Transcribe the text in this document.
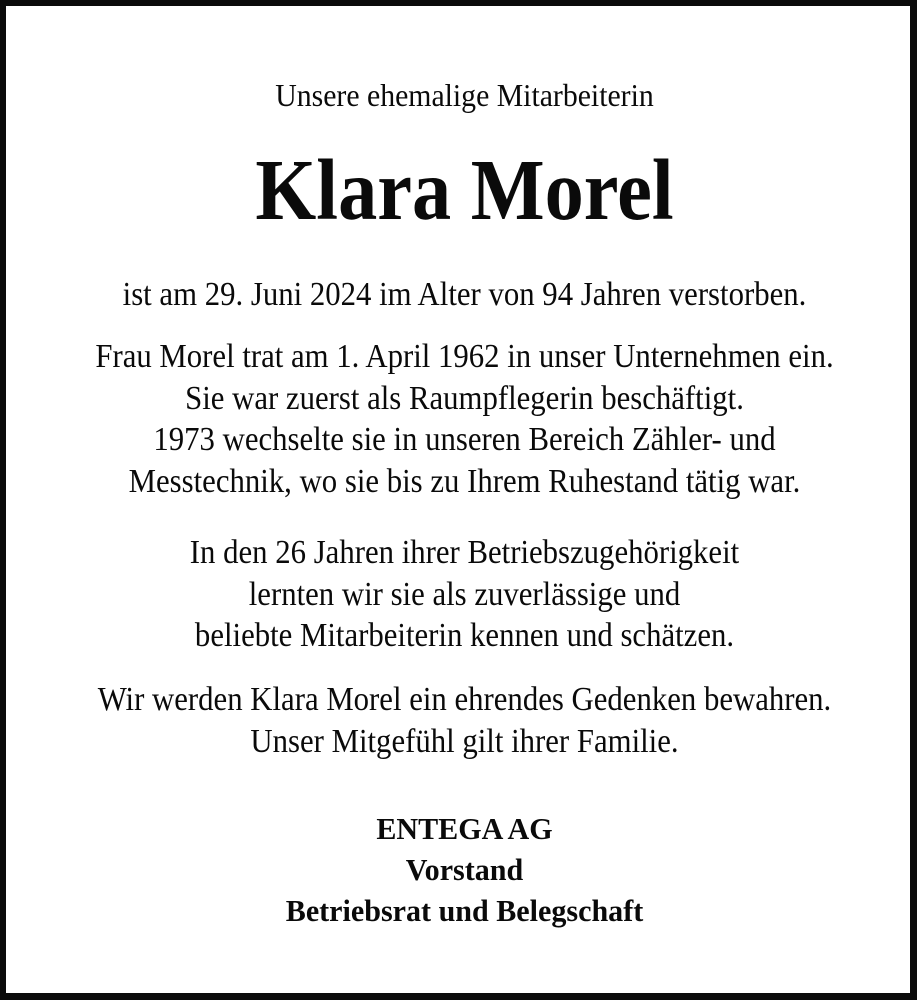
Unsere ehemalige Mitarbeiterin
Klara Morel
ist am 29. Juni 2024 im Alter von 94 Jahren verstorben.
Frau Morel trat am 1. April 1962 in unser Unternehmen ein.
Sie war zuerst als Raumpflegerin beschäftigt.
1973 wechselte sie in unseren Bereich Zähler- und
Messtechnik, wo sie bis zu Ihrem Ruhestand tätig war.
In den 26 Jahren ihrer Betriebszugehörigkeit
lernten wir sie als zuverlässige und
beliebte Mitarbeiterin kennen und schätzen.
Wir werden Klara Morel ein ehrendes Gedenken bewahren.
Unser Mitgefühl gilt ihrer Familie.
ENTEGA AG
Vorstand
Betriebsrat und Belegschaft
